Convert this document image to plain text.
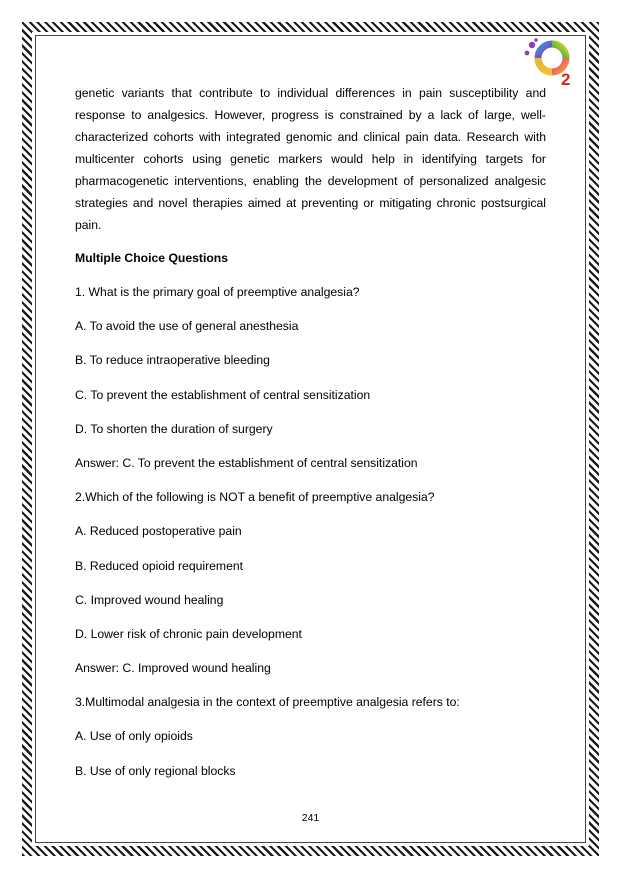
2

genetic variants that contribute to individual differences in pain susceptibility and response to analgesics. However, progress is constrained by a lack of large, well-characterized cohorts with integrated genomic and clinical pain data. Research with multicenter cohorts using genetic markers would help in identifying targets for pharmacogenetic interventions, enabling the development of personalized analgesic strategies and novel therapies aimed at preventing or mitigating chronic postsurgical pain.

Multiple Choice Questions
1. What is the primary goal of preemptive analgesia?
A. To avoid the use of general anesthesia
B. To reduce intraoperative bleeding
C. To prevent the establishment of central sensitization
D. To shorten the duration of surgery
Answer: C. To prevent the establishment of central sensitization
2.Which of the following is NOT a benefit of preemptive analgesia?
A. Reduced postoperative pain
B. Reduced opioid requirement
C. Improved wound healing
D. Lower risk of chronic pain development
Answer: C. Improved wound healing
3.Multimodal analgesia in the context of preemptive analgesia refers to:
A. Use of only opioids
B. Use of only regional blocks
241
